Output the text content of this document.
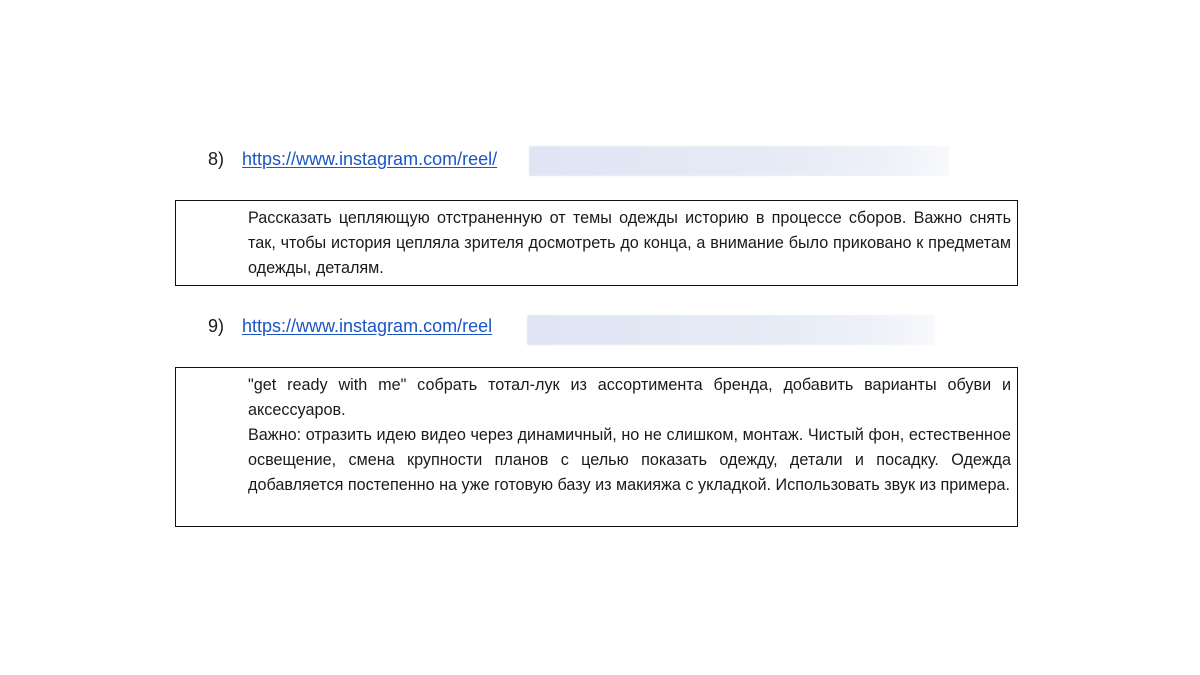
8) https://www.instagram.com/reel/

Рассказать цепляющую отстраненную от темы одежды историю в процессе сборов. Важно снять так, чтобы история цепляла зрителя досмотреть до конца, а внимание было приковано к предметам одежды, деталям.

9) https://www.instagram.com/reel

"get ready with me" собрать тотал-лук из ассортимента бренда, добавить варианты обуви и аксессуаров.

Важно: отразить идею видео через динамичный, но не слишком, монтаж. Чистый фон, естественное освещение, смена крупности планов с целью показать одежду, детали и посадку. Одежда добавляется постепенно на уже готовую базу из макияжа с укладкой. Использовать звук из примера.
